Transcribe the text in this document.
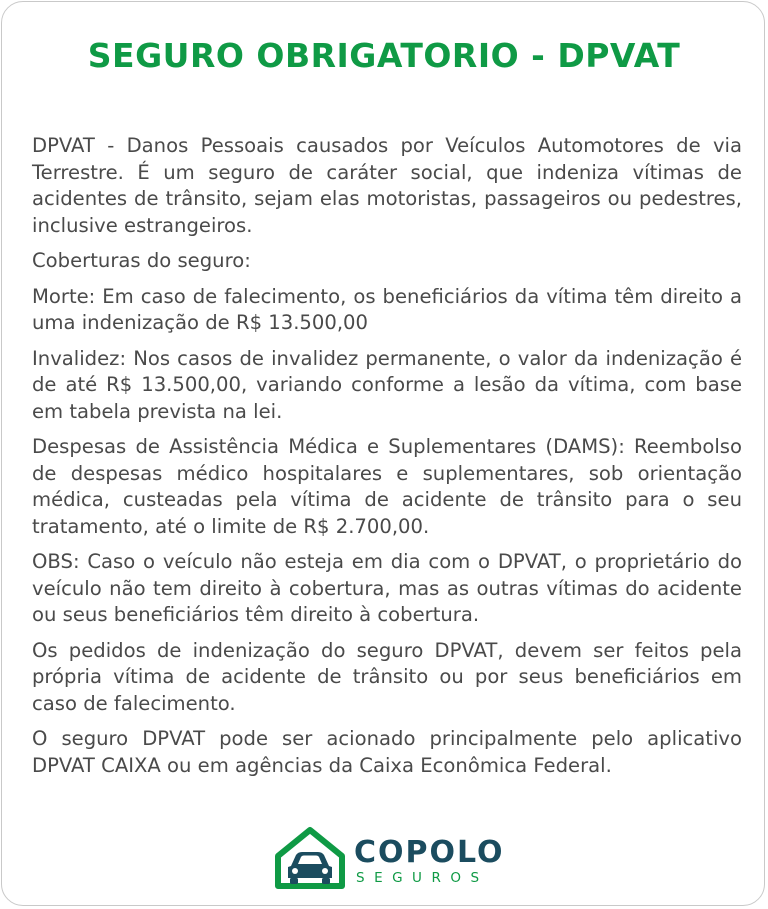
SEGURO OBRIGATORIO - DPVAT

DPVAT - Danos Pessoais causados por Veículos Automotores de via Terrestre. É um seguro de caráter social, que indeniza vítimas de acidentes de trânsito, sejam elas motoristas, passageiros ou pedestres, inclusive estrangeiros.

Coberturas do seguro:

Morte: Em caso de falecimento, os beneficiários da vítima têm direito a uma indenização de R$ 13.500,00

Invalidez: Nos casos de invalidez permanente, o valor da indenização é de até R$ 13.500,00, variando conforme a lesão da vítima, com base em tabela prevista na lei.

Despesas de Assistência Médica e Suplementares (DAMS): Reembolso de despesas médico hospitalares e suplementares, sob orientação médica, custeadas pela vítima de acidente de trânsito para o seu tratamento, até o limite de R$ 2.700,00.

OBS: Caso o veículo não esteja em dia com o DPVAT, o proprietário do veículo não tem direito à cobertura, mas as outras vítimas do acidente ou seus beneficiários têm direito à cobertura.

Os pedidos de indenização do seguro DPVAT, devem ser feitos pela própria vítima de acidente de trânsito ou por seus beneficiários em caso de falecimento.

O seguro DPVAT pode ser acionado principalmente pelo aplicativo DPVAT CAIXA ou em agências da Caixa Econômica Federal.

COPOLO
SEGUROS
